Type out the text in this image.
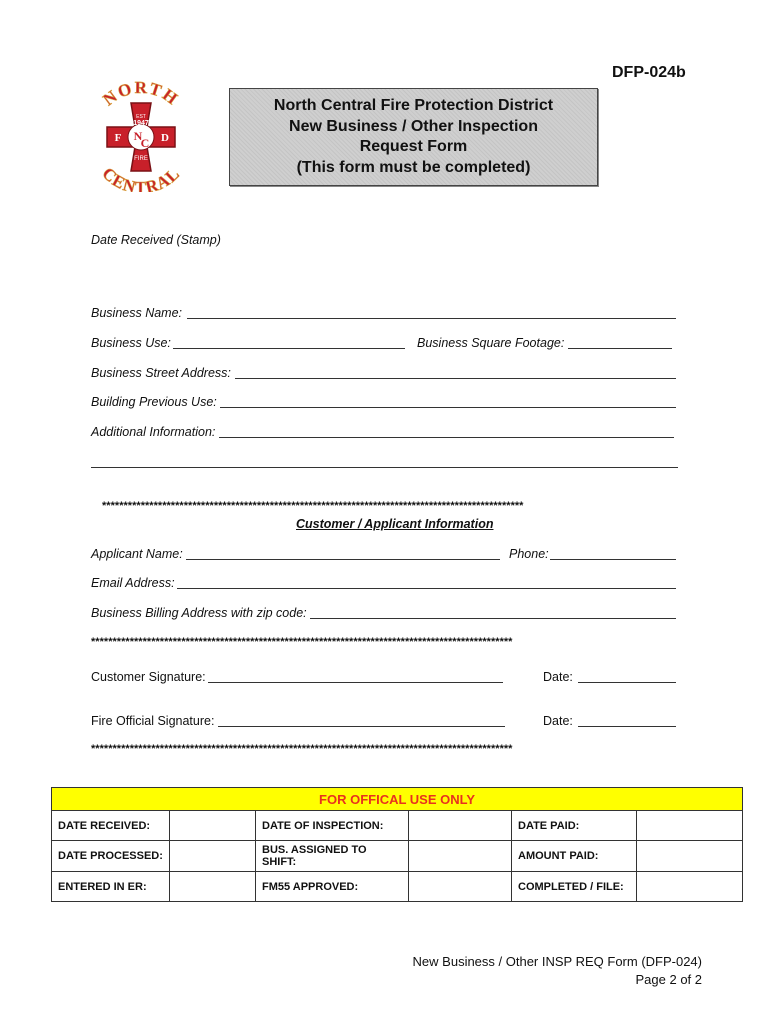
DFP-024b
NORTH
CENTRAL
EST
1947
F N
C D
FIRE
North Central Fire Protection District
New Business / Other Inspection
Request Form
(This form must be completed)
Date Received (Stamp)
Business Name:
Business Use:	Business Square Footage:
Business Street Address:
Building Previous Use:
Additional Information:
**************************************************************************************************
Customer / Applicant Information
Applicant Name:	Phone:
Email Address:
Business Billing Address with zip code:
**************************************************************************************************
Customer Signature:	Date:
Fire Official Signature:	Date:
**************************************************************************************************
FOR OFFICAL USE ONLY					
DATE RECEIVED:		DATE OF INSPECTION:		DATE PAID:	
DATE PROCESSED:		BUS. ASSIGNED TO SHIFT:		AMOUNT PAID:	
ENTERED IN ER:		FM55 APPROVED:		COMPLETED / FILE:	
New Business / Other INSP REQ Form (DFP-024)
Page 2 of 2
